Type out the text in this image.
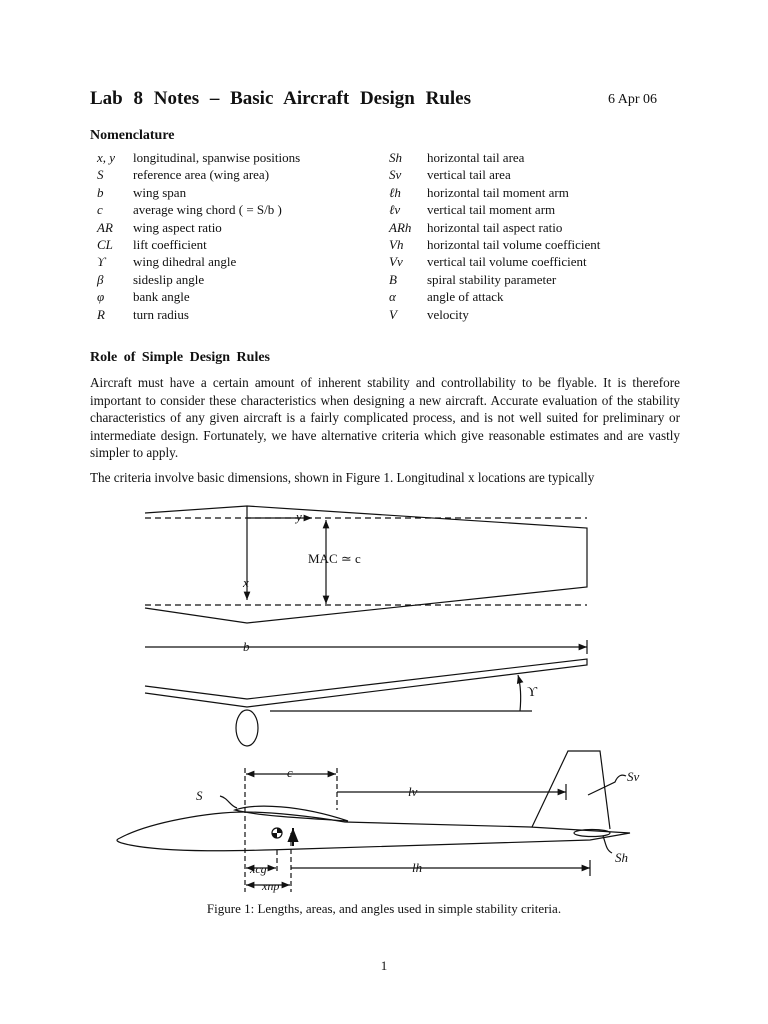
Lab 8 Notes – Basic Aircraft Design Rules	6 Apr 06
Nomenclature
x, y longitudinal, spanwise positions
S reference area (wing area)
b wing span
c average wing chord ( = S/b )
AR wing aspect ratio
CL lift coefficient
ϒ wing dihedral angle
β sideslip angle
φ bank angle
R turn radius
Sh horizontal tail area
Sv vertical tail area
ℓh horizontal tail moment arm
ℓv vertical tail moment arm
ARh horizontal tail aspect ratio
Vh horizontal tail volume coefficient
Vv vertical tail volume coefficient
B spiral stability parameter
α angle of attack
V velocity
Role of Simple Design Rules
Aircraft must have a certain amount of inherent stability and controllability to be flyable. It is therefore important to consider these characteristics when designing a new aircraft. Accurate evaluation of the stability characteristics of any given aircraft is a fairly complicated process, and is not well suited for preliminary or intermediate design. Fortunately, we have alternative criteria which give reasonable estimates and are vastly simpler to apply.
The criteria involve basic dimensions, shown in Figure 1. Longitudinal x locations are typically
y
x
MAC ≃ c
b
ϒ
c
S	lv
Sv
lh
Sh
xcg
xnp
Figure 1: Lengths, areas, and angles used in simple stability criteria.
1
